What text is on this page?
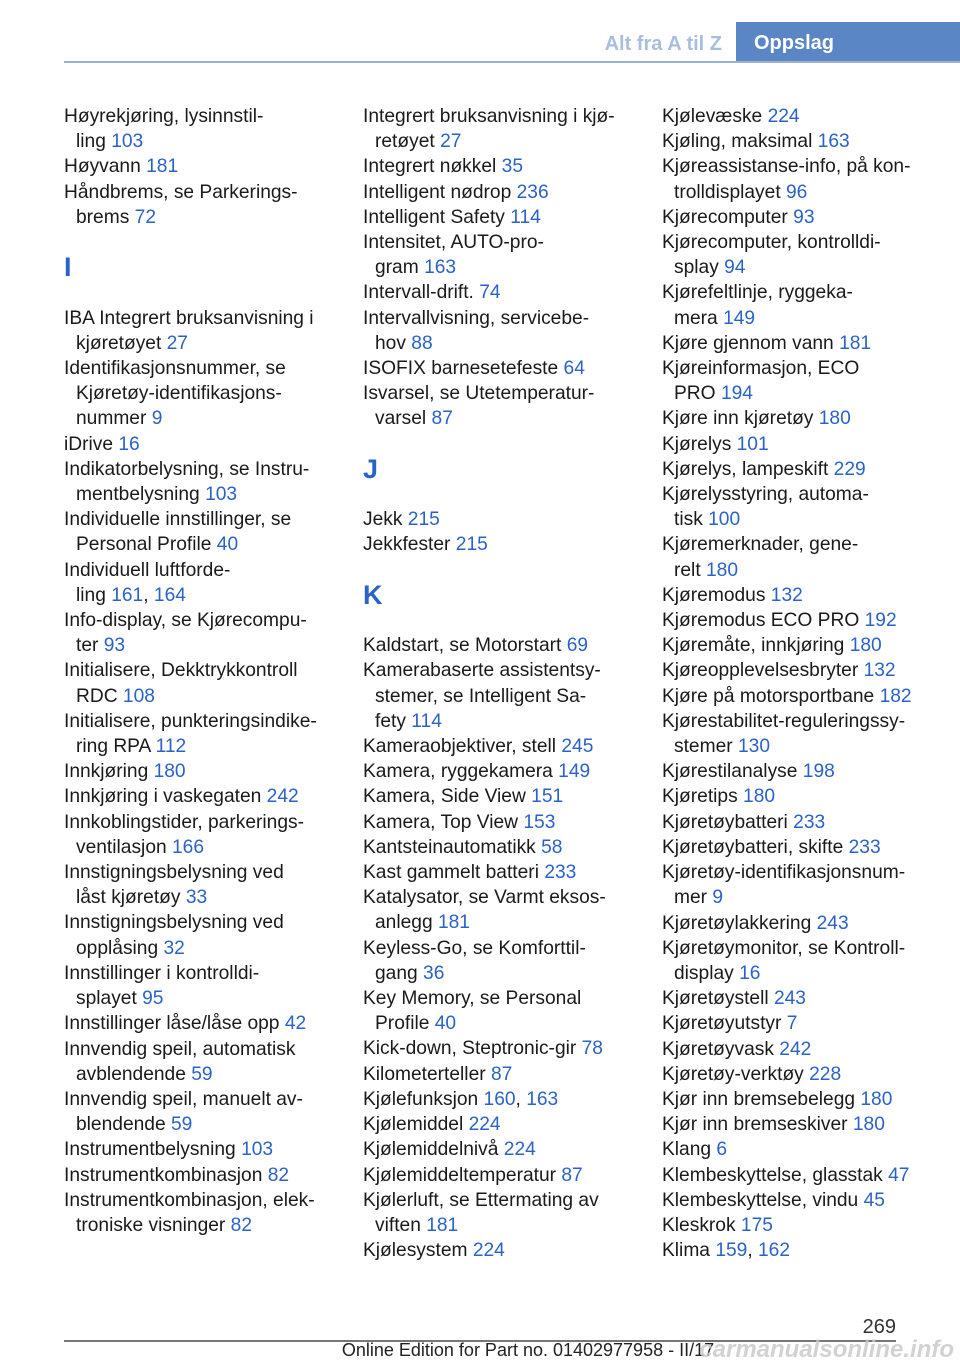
Alt fra A til Z	Oppslag
Høyrekjøring, lysinnstil-
ling 103
Høyvann 181
Håndbrems, se Parkerings-
brems 72
I
IBA Integrert bruksanvisning i
kjøretøyet 27
Identifikasjonsnummer, se
Kjøretøy-identifikasjons-
nummer 9
iDrive 16
Indikatorbelysning, se Instru-
mentbelysning 103
Individuelle innstillinger, se
Personal Profile 40
Individuell luftforde-
ling 161, 164
Info-display, se Kjørecompu-
ter 93
Initialisere, Dekktrykkontroll
RDC 108
Initialisere, punkteringsindike-
ring RPA 112
Innkjøring 180
Innkjøring i vaskegaten 242
Innkoblingstider, parkerings-
ventilasjon 166
Innstigningsbelysning ved
låst kjøretøy 33
Innstigningsbelysning ved
opplåsing 32
Innstillinger i kontrolldi-
splayet 95
Innstillinger låse/låse opp 42
Innvendig speil, automatisk
avblendende 59
Innvendig speil, manuelt av-
blendende 59
Instrumentbelysning 103
Instrumentkombinasjon 82
Instrumentkombinasjon, elek-
troniske visninger 82
Integrert bruksanvisning i kjø-
retøyet 27
Integrert nøkkel 35
Intelligent nødrop 236
Intelligent Safety 114
Intensitet, AUTO-pro-
gram 163
Intervall-drift. 74
Intervallvisning, servicebe-
hov 88
ISOFIX barnesetefeste 64
Isvarsel, se Utetemperatur-
varsel 87
J
Jekk 215
Jekkfester 215
K
Kaldstart, se Motorstart 69
Kamerabaserte assistentsy-
stemer, se Intelligent Sa-
fety 114
Kameraobjektiver, stell 245
Kamera, ryggekamera 149
Kamera, Side View 151
Kamera, Top View 153
Kantsteinautomatikk 58
Kast gammelt batteri 233
Katalysator, se Varmt eksos-
anlegg 181
Keyless-Go, se Komforttil-
gang 36
Key Memory, se Personal
Profile 40
Kick-down, Steptronic-gir 78
Kilometerteller 87
Kjølefunksjon 160, 163
Kjølemiddel 224
Kjølemiddelnivå 224
Kjølemiddeltemperatur 87
Kjølerluft, se Ettermating av
viften 181
Kjølesystem 224
Kjølevæske 224
Kjøling, maksimal 163
Kjøreassistanse-info, på kon-
trolldisplayet 96
Kjørecomputer 93
Kjørecomputer, kontrolldi-
splay 94
Kjørefeltlinje, ryggeka-
mera 149
Kjøre gjennom vann 181
Kjøreinformasjon, ECO
PRO 194
Kjøre inn kjøretøy 180
Kjørelys 101
Kjørelys, lampeskift 229
Kjørelysstyring, automa-
tisk 100
Kjøremerknader, gene-
relt 180
Kjøremodus 132
Kjøremodus ECO PRO 192
Kjøremåte, innkjøring 180
Kjøreopplevelsesbryter 132
Kjøre på motorsportbane 182
Kjørestabilitet-reguleringssy-
stemer 130
Kjørestilanalyse 198
Kjøretips 180
Kjøretøybatteri 233
Kjøretøybatteri, skifte 233
Kjøretøy-identifikasjonsnum-
mer 9
Kjøretøylakkering 243
Kjøretøymonitor, se Kontroll-
display 16
Kjøretøystell 243
Kjøretøyutstyr 7
Kjøretøyvask 242
Kjøretøy-verktøy 228
Kjør inn bremsebelegg 180
Kjør inn bremseskiver 180
Klang 6
Klembeskyttelse, glasstak 47
Klembeskyttelse, vindu 45
Kleskrok 175
Klima 159, 162
269
Online Edition for Part no. 01402977958 - II/17
carmanualsonline.info
